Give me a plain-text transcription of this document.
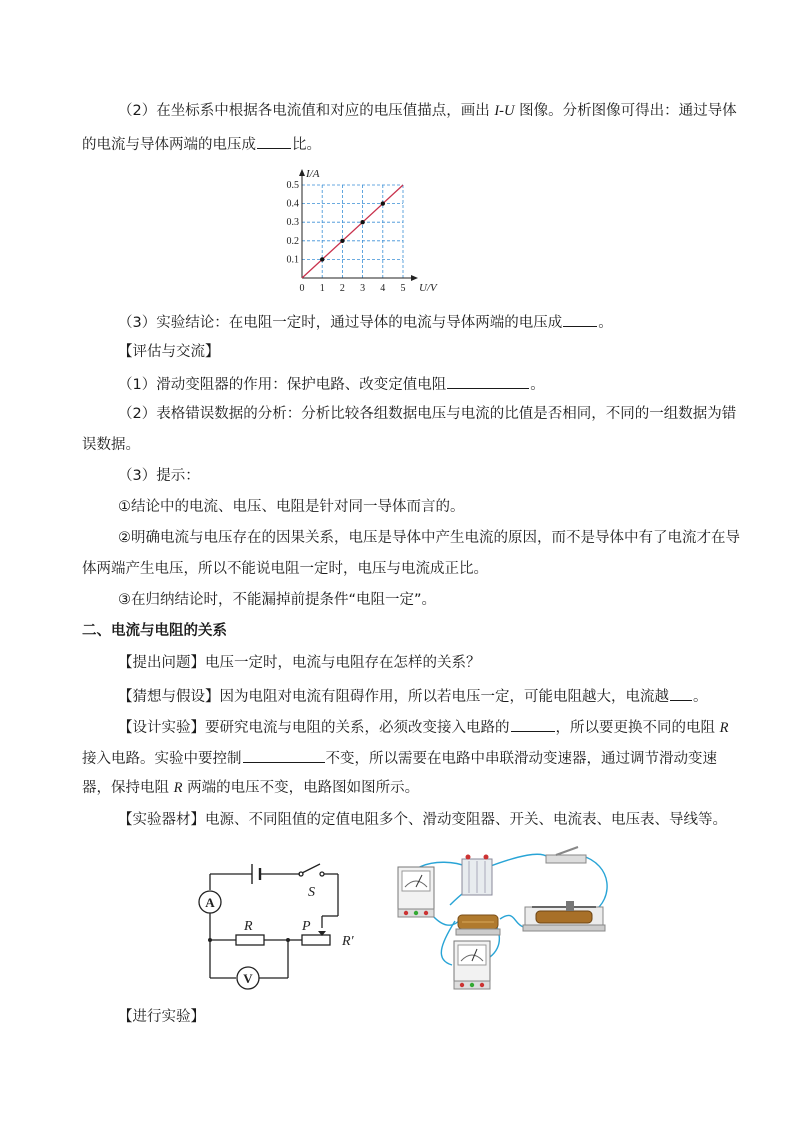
（2）在坐标系中根据各电流值和对应的电压值描点，画出 I-U 图像。分析图像可得出：通过导体
的电流与导体两端的电压成 比。
0 1 2 3 4 5
0.1
0.2
0.3
0.4
0.5
I/A
U/V
（3）实验结论：在电阻一定时，通过导体的电流与导体两端的电压成 。
【评估与交流】
（1）滑动变阻器的作用：保护电路、改变定值电阻	。
（2）表格错误数据的分析：分析比较各组数据电压与电流的比值是否相同，不同的一组数据为错
误数据。
（3）提示：
①结论中的电流、电压、电阻是针对同一导体而言的。
②明确电流与电压存在的因果关系，电压是导体中产生电流的原因，而不是导体中有了电流才在导
体两端产生电压，所以不能说电阻一定时，电压与电流成正比。
③在归纳结论时，不能漏掉前提条件“电阻一定”。
二、电流与电阻的关系
【提出问题】电压一定时，电流与电阻存在怎样的关系？
【猜想与假设】因为电阻对电流有阻碍作用，所以若电压一定，可能电阻越大，电流越 。
【设计实验】要研究电流与电阻的关系，必须改变接入电路的	，所以要更换不同的电阻 R
接入电路。实验中要控制	不变，所以需要在电路中串联滑动变速器，通过调节滑动变速
器，保持电阻 R 两端的电压不变，电路图如图所示。
【实验器材】电源、不同阻值的定值电阻多个、滑动变阻器、开关、电流表、电压表、导线等。
A
V
S
R	P
R′
【进行实验】
